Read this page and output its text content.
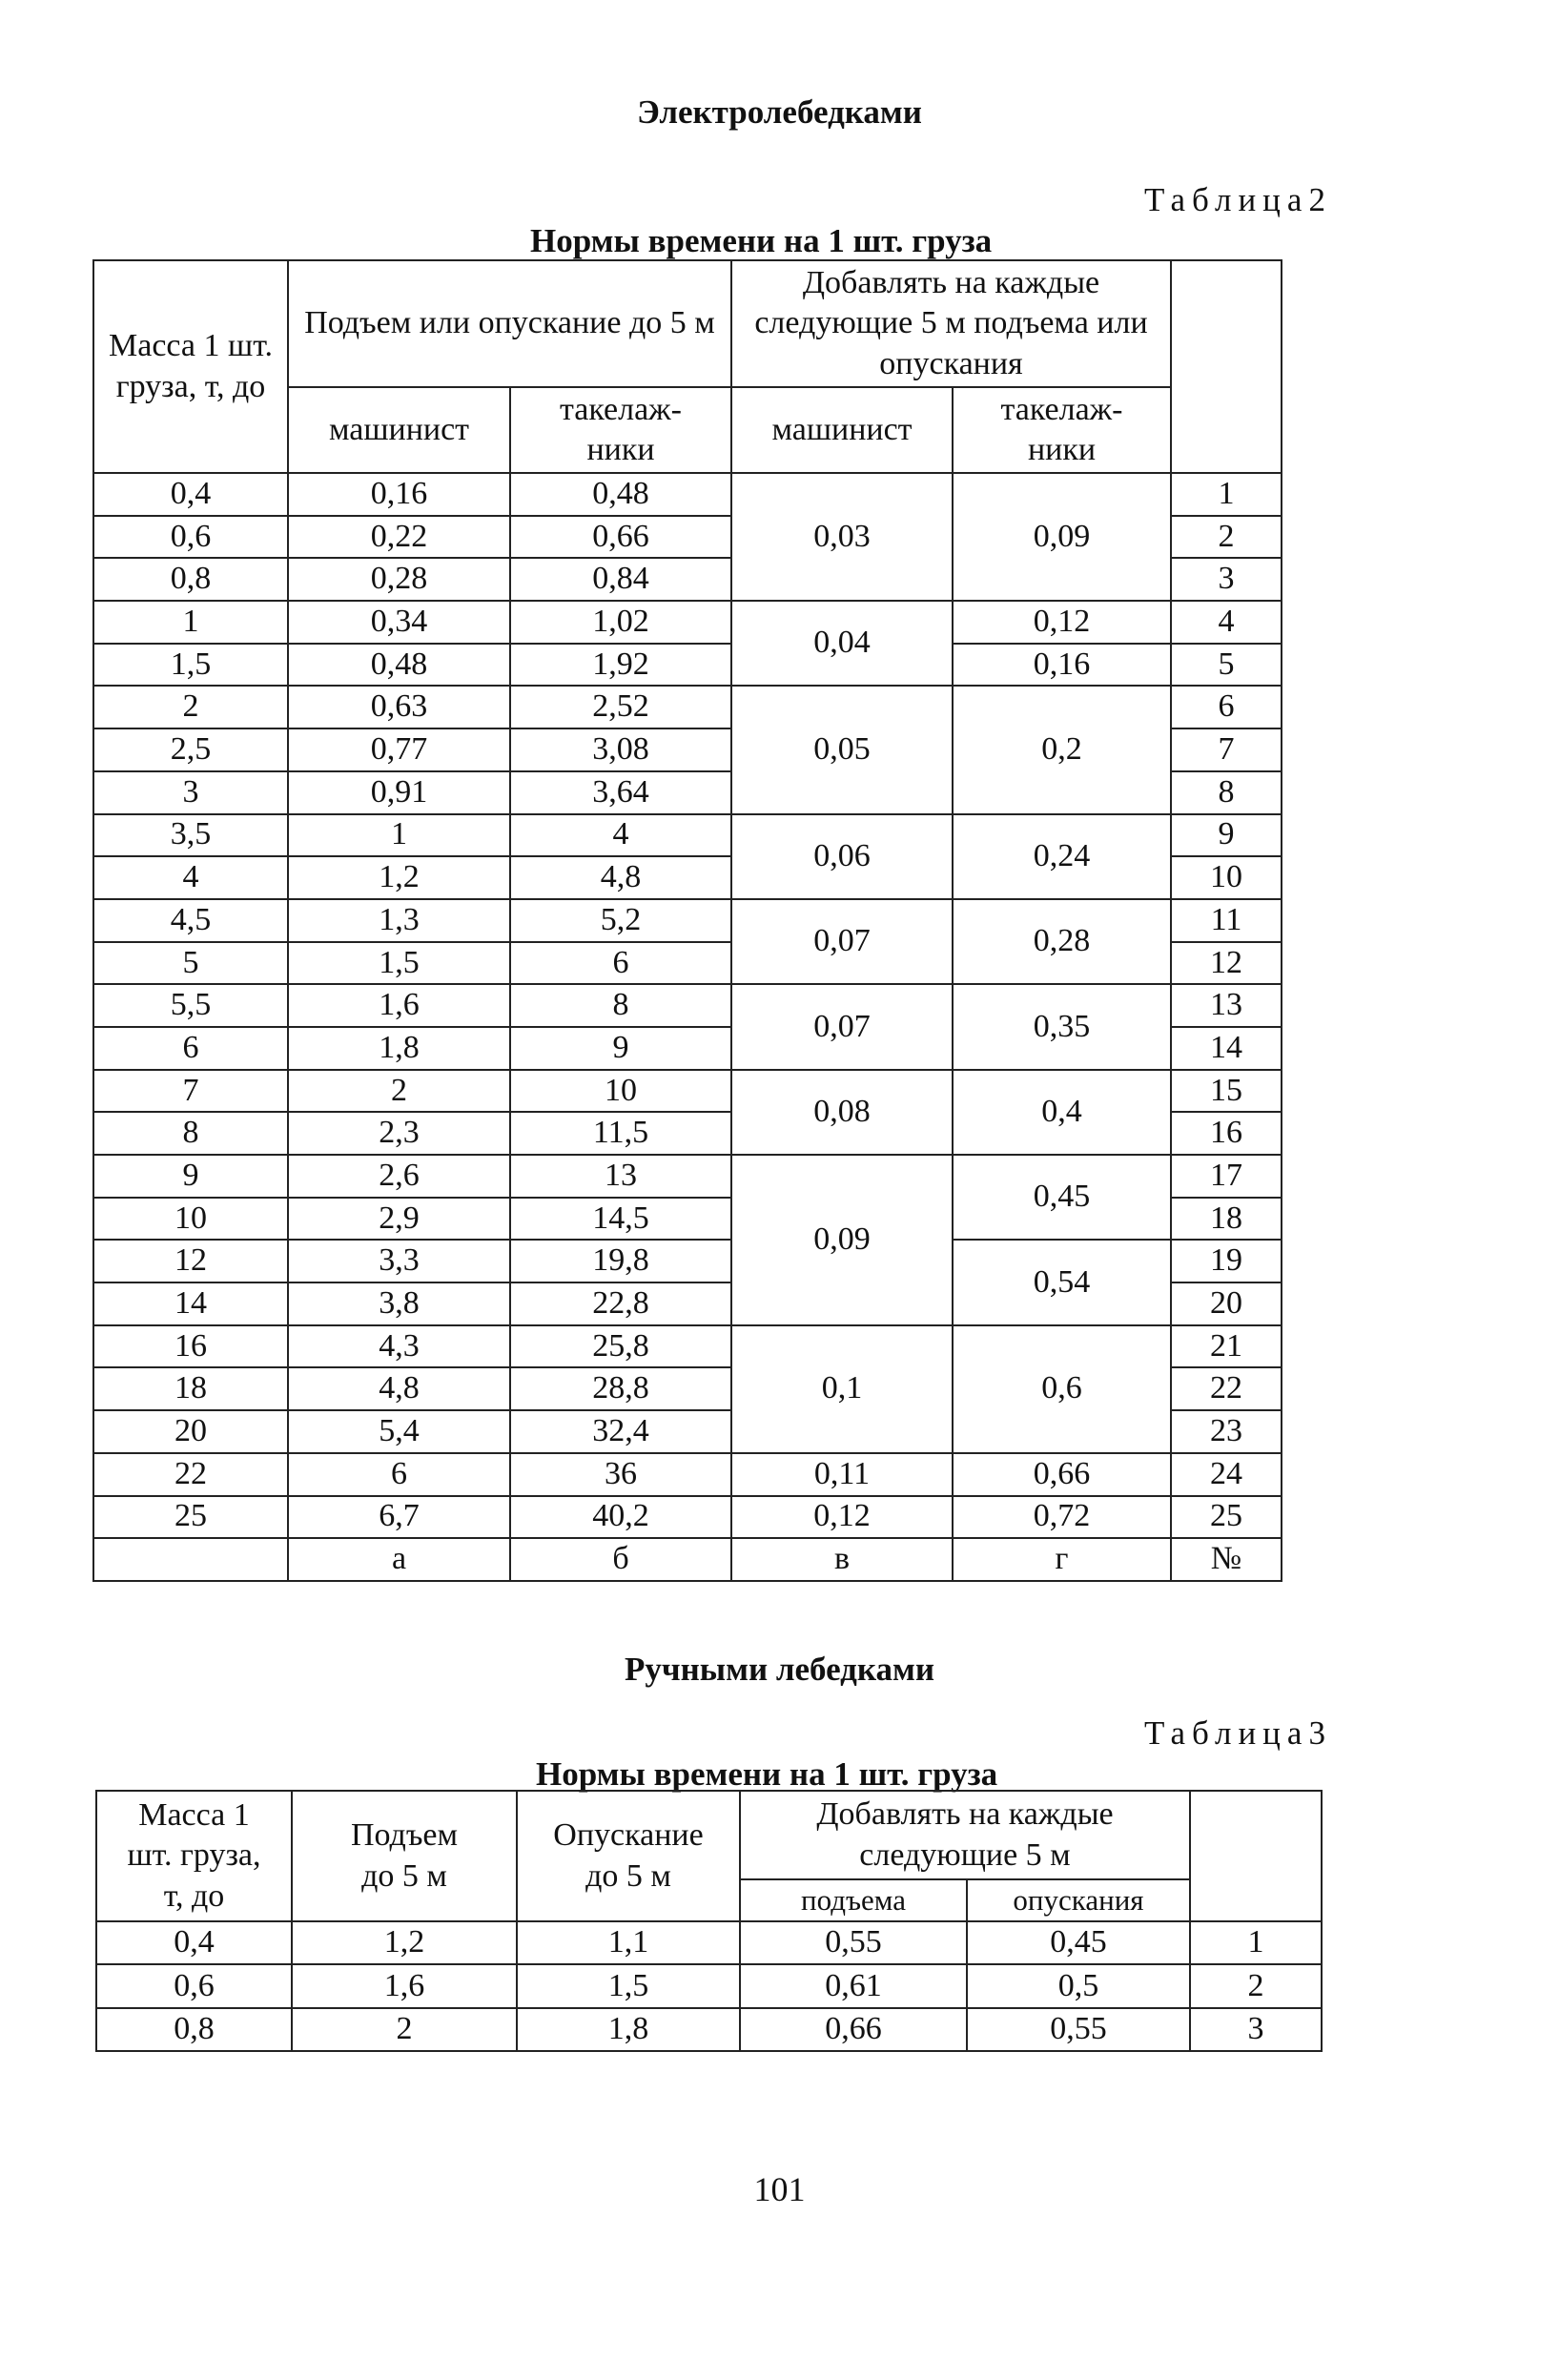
Электролебедками
Таблица2
Нормы времени на 1 шт. груза
Масса 1 шт. груза, т, до	Подъем или опускание до 5 м		Добавлять на каждые следующие 5 м подъема или опускания		
	машинист	такелаж-ники	машинист	такелаж-ники	
0,4	0,16	0,48	0,03	0,09	1
0,6	0,22	0,66			2
0,8	0,28	0,84			3
1	0,34	1,02	0,04	0,12	4
1,5	0,48	1,92		0,16	5
2	0,63	2,52	0,05	0,2	6
2,5	0,77	3,08			7
3	0,91	3,64			8
3,5	1	4	0,06	0,24	9
4	1,2	4,8			10
4,5	1,3	5,2	0,07	0,28	11
5	1,5	6			12
5,5	1,6	8	0,07	0,35	13
6	1,8	9			14
7	2	10	0,08	0,4	15
8	2,3	11,5			16
9	2,6	13	0,09	0,45	17
10	2,9	14,5			18
12	3,3	19,8		0,54	19
14	3,8	22,8			20
16	4,3	25,8	0,1	0,6	21
18	4,8	28,8			22
20	5,4	32,4			23
22	6	36	0,11	0,66	24
25	6,7	40,2	0,12	0,72	25
	а	б	в	г	№
Ручными лебедками
Таблица3
Нормы времени на 1 шт. груза
Масса 1 шт. груза, т, до	Подъем до 5 м	Опускание до 5 м	Добавлять на каждые следующие 5 м		
			подъема	опускания	
0,4	1,2	1,1	0,55	0,45	1
0,6	1,6	1,5	0,61	0,5	2
0,8	2	1,8	0,66	0,55	3
101
